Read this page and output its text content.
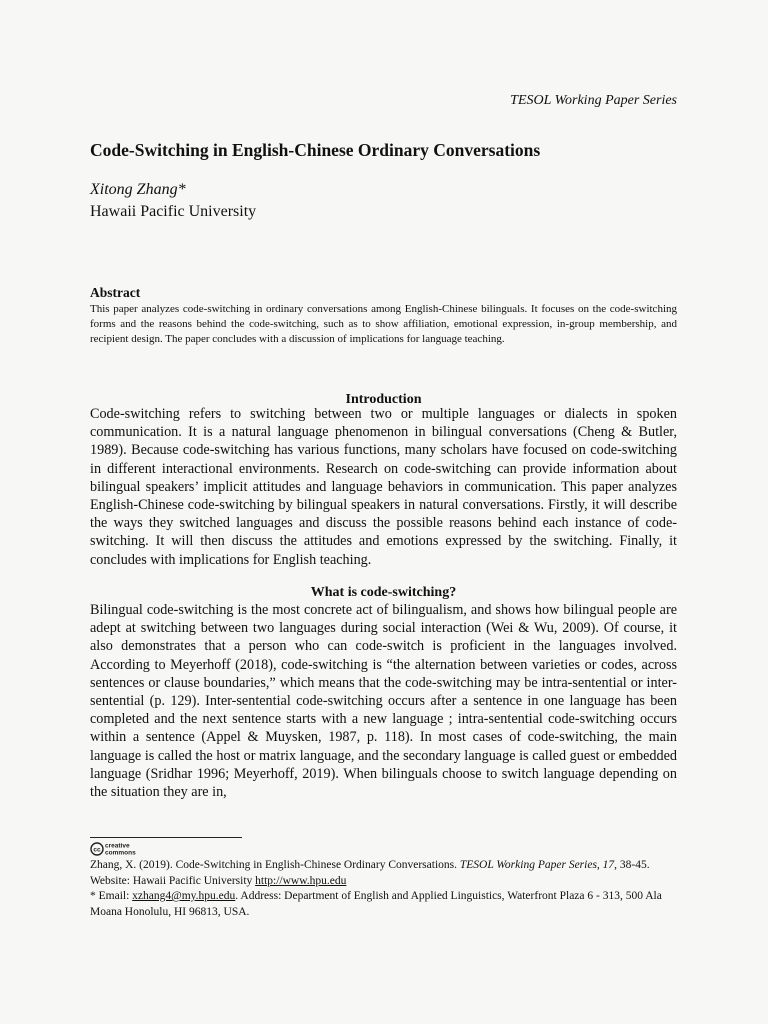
TESOL Working Paper Series
Code-Switching in English-Chinese Ordinary Conversations
Xitong Zhang*
Hawaii Pacific University
Abstract

This paper analyzes code-switching in ordinary conversations among English-Chinese bilinguals. It focuses on the code-switching forms and the reasons behind the code-switching, such as to show affiliation, emotional expression, in-group membership, and recipient design. The paper concludes with a discussion of implications for language teaching.

Introduction

Code-switching refers to switching between two or multiple languages or dialects in spoken communication. It is a natural language phenomenon in bilingual conversations (Cheng & Butler, 1989). Because code-switching has various functions, many scholars have focused on code-switching in different interactional environments. Research on code-switching can provide information about bilingual speakers’ implicit attitudes and language behaviors in communication. This paper analyzes English-Chinese code-switching by bilingual speakers in natural conversations. Firstly, it will describe the ways they switched languages and discuss the possible reasons behind each instance of code-switching. It will then discuss the attitudes and emotions expressed by the switching. Finally, it concludes with implications for English teaching.

What is code-switching?

Bilingual code-switching is the most concrete act of bilingualism, and shows how bilingual people are adept at switching between two languages during social interaction (Wei & Wu, 2009). Of course, it also demonstrates that a person who can code-switch is proficient in the languages involved. According to Meyerhoff (2018), code-switching is “the alternation between varieties or codes, across sentences or clause boundaries,” which means that the code-switching may be intra-sentential or inter-sentential (p. 129). Inter-sentential code-switching occurs after a sentence in one language has been completed and the next sentence starts with a new language ; intra-sentential code-switching occurs within a sentence (Appel & Muysken, 1987, p. 118). In most cases of code-switching, the main language is called the host or matrix language, and the secondary language is called guest or embedded language (Sridhar 1996; Meyerhoff, 2019). When bilinguals choose to switch language depending on the situation they are in,

cc
creative
commons

Zhang, X. (2019). Code-Switching in English-Chinese Ordinary Conversations. TESOL Working Paper Series, 17, 38-45.
Website: Hawaii Pacific University http://www.hpu.edu
* Email: xzhang4@my.hpu.edu. Address: Department of English and Applied Linguistics, Waterfront Plaza 6 - 313, 500 Ala Moana Honolulu, HI 96813, USA.
